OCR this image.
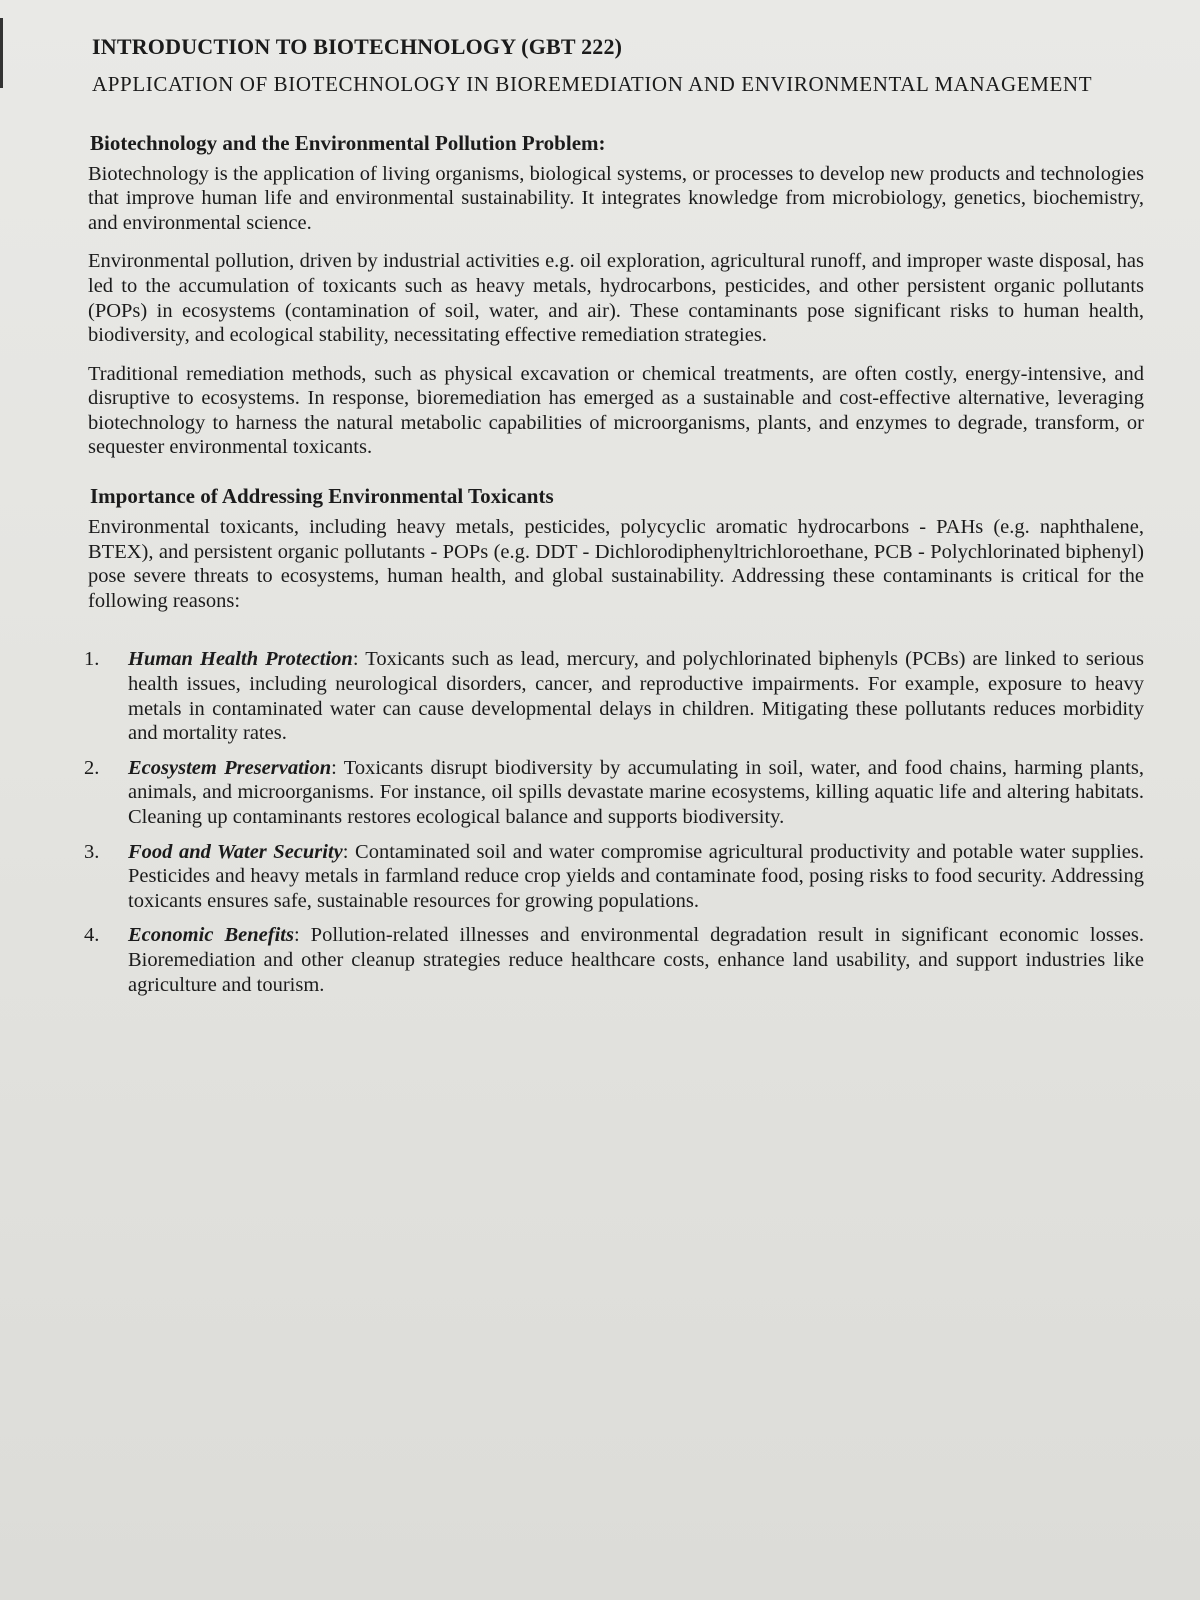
INTRODUCTION TO BIOTECHNOLOGY (GBT 222)
APPLICATION OF BIOTECHNOLOGY IN BIOREMEDIATION AND ENVIRONMENTAL MANAGEMENT
Biotechnology and the Environmental Pollution Problem:

Biotechnology is the application of living organisms, biological systems, or processes to develop new products and technologies that improve human life and environmental sustainability. It integrates knowledge from microbiology, genetics, biochemistry, and environmental science.

Environmental pollution, driven by industrial activities e.g. oil exploration, agricultural runoff, and improper waste disposal, has led to the accumulation of toxicants such as heavy metals, hydrocarbons, pesticides, and other persistent organic pollutants (POPs) in ecosystems (contamination of soil, water, and air). These contaminants pose significant risks to human health, biodiversity, and ecological stability, necessitating effective remediation strategies.

Traditional remediation methods, such as physical excavation or chemical treatments, are often costly, energy-intensive, and disruptive to ecosystems. In response, bioremediation has emerged as a sustainable and cost-effective alternative, leveraging biotechnology to harness the natural metabolic capabilities of microorganisms, plants, and enzymes to degrade, transform, or sequester environmental toxicants.

Importance of Addressing Environmental Toxicants

Environmental toxicants, including heavy metals, pesticides, polycyclic aromatic hydrocarbons - PAHs (e.g. naphthalene, BTEX), and persistent organic pollutants - POPs (e.g. DDT - Dichlorodiphenyltrichloroethane, PCB - Polychlorinated biphenyl) pose severe threats to ecosystems, human health, and global sustainability. Addressing these contaminants is critical for the following reasons:

1.	Human Health Protection: Toxicants such as lead, mercury, and polychlorinated biphenyls (PCBs) are linked to serious health issues, including neurological disorders, cancer, and reproductive impairments. For example, exposure to heavy metals in contaminated water can cause developmental delays in children. Mitigating these pollutants reduces morbidity and mortality rates.
2.	Ecosystem Preservation: Toxicants disrupt biodiversity by accumulating in soil, water, and food chains, harming plants, animals, and microorganisms. For instance, oil spills devastate marine ecosystems, killing aquatic life and altering habitats. Cleaning up contaminants restores ecological balance and supports biodiversity.
3.	Food and Water Security: Contaminated soil and water compromise agricultural productivity and potable water supplies. Pesticides and heavy metals in farmland reduce crop yields and contaminate food, posing risks to food security. Addressing toxicants ensures safe, sustainable resources for growing populations.
4.	Economic Benefits: Pollution-related illnesses and environmental degradation result in significant economic losses. Bioremediation and other cleanup strategies reduce healthcare costs, enhance land usability, and support industries like agriculture and tourism.
